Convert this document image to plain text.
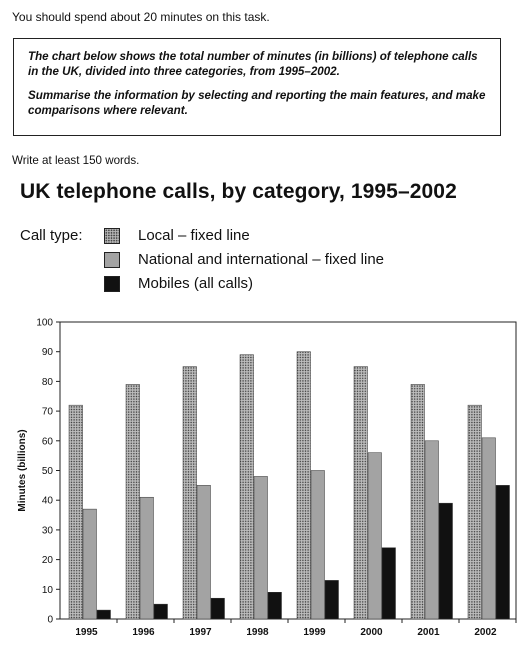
You should spend about 20 minutes on this task.

The chart below shows the total number of minutes (in billions) of telephone calls in the UK, divided into three categories, from 1995–2002.

Summarise the information by selecting and reporting the main features, and make comparisons where relevant.

Write at least 150 words.
UK telephone calls, by category, 1995–2002
Call type:	Local – fixed line
National and international – fixed line
Mobiles (all calls)
0
10
20
30
40
50
60
70
80
90
100
Minutes (billions)
1995	1996	1997	1998	1999	2000	2001	2002
